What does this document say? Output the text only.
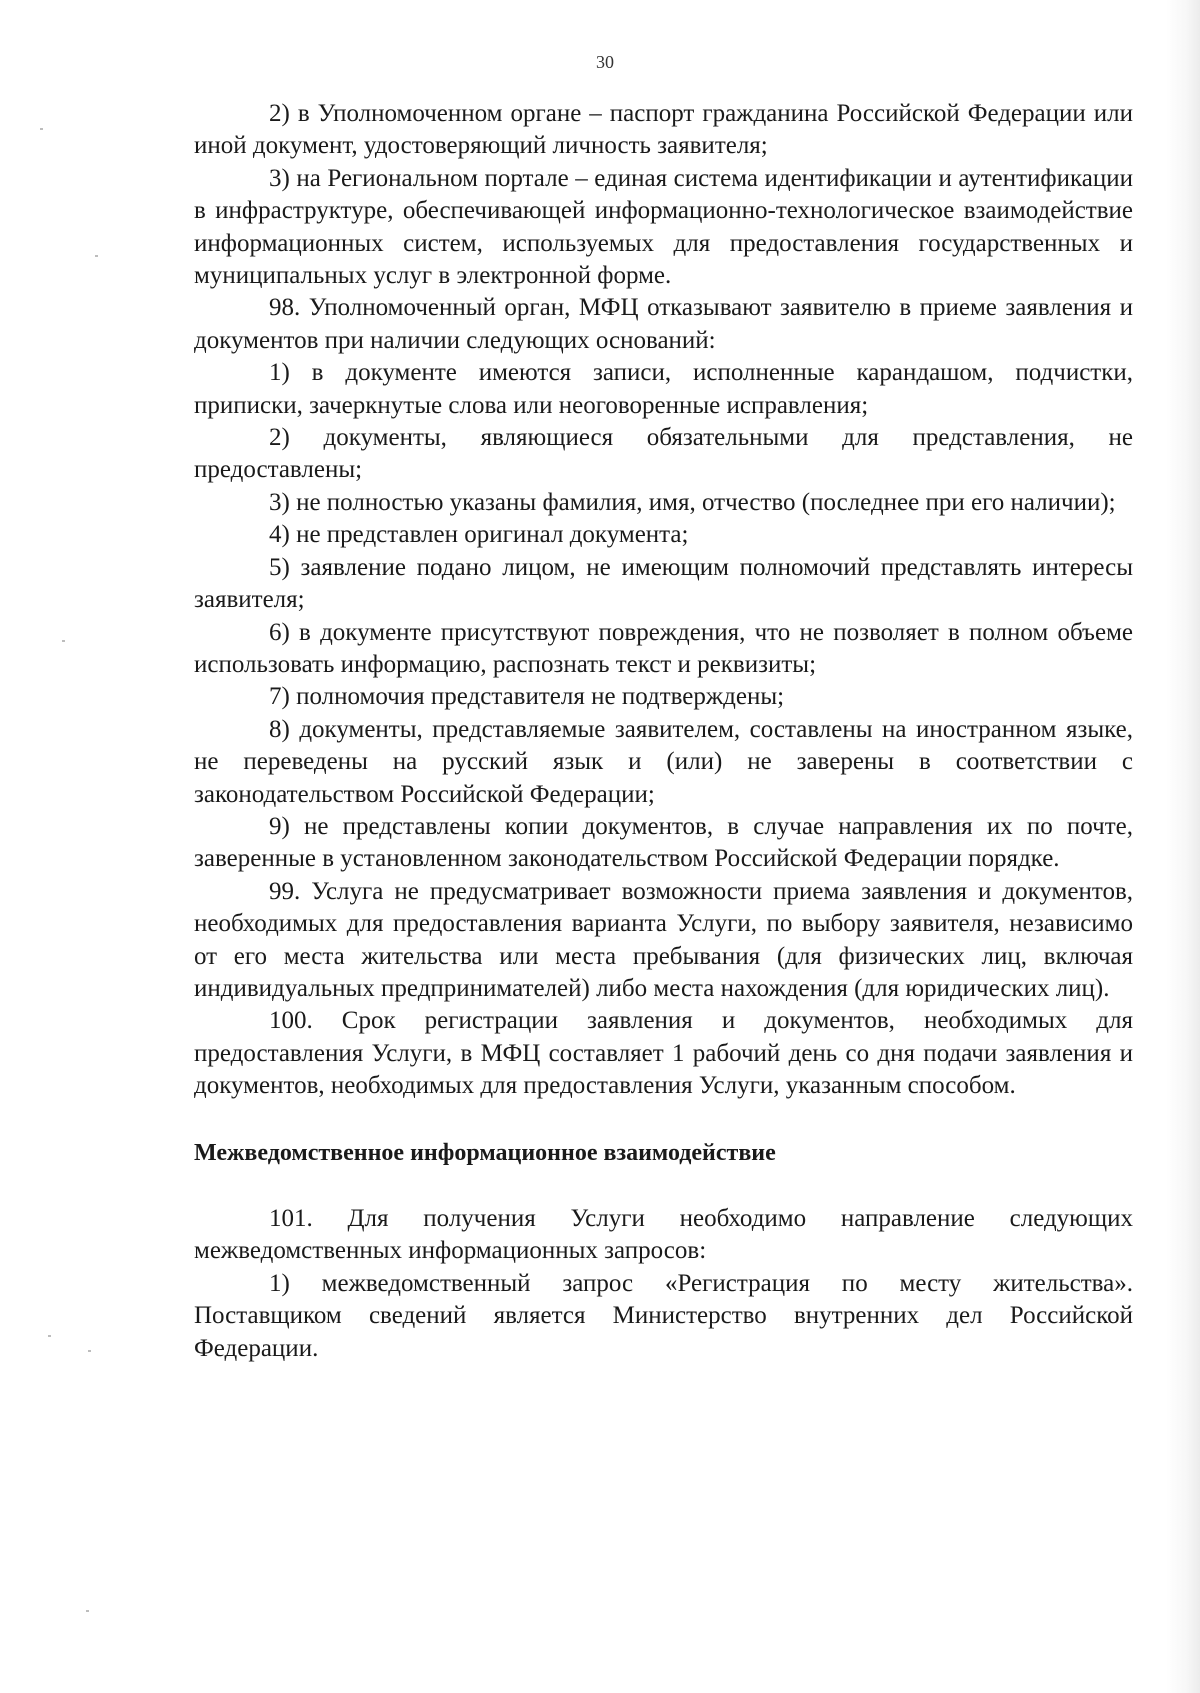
30

2) в Уполномоченном органе – паспорт гражданина Российской Федерации или иной документ, удостоверяющий личность заявителя;

3) на Региональном портале – единая система идентификации и аутентификации в инфраструктуре, обеспечивающей информационно-технологическое взаимодействие информационных систем, используемых для предоставления государственных и муниципальных услуг в электронной форме.

98. Уполномоченный орган, МФЦ отказывают заявителю в приеме заявления и документов при наличии следующих оснований:

1) в документе имеются записи, исполненные карандашом, подчистки, приписки, зачеркнутые слова или неоговоренные исправления;

2) документы, являющиеся обязательными для представления, не предоставлены;

3) не полностью указаны фамилия, имя, отчество (последнее при его наличии);

4) не представлен оригинал документа;

5) заявление подано лицом, не имеющим полномочий представлять интересы заявителя;

6) в документе присутствуют повреждения, что не позволяет в полном объеме использовать информацию, распознать текст и реквизиты;

7) полномочия представителя не подтверждены;

8) документы, представляемые заявителем, составлены на иностранном языке, не переведены на русский язык и (или) не заверены в соответствии с законодательством Российской Федерации;

9) не представлены копии документов, в случае направления их по почте, заверенные в установленном законодательством Российской Федерации порядке.

99. Услуга не предусматривает возможности приема заявления и документов, необходимых для предоставления варианта Услуги, по выбору заявителя, независимо от его места жительства или места пребывания (для физических лиц, включая индивидуальных предпринимателей) либо места нахождения (для юридических лиц).

100. Срок регистрации заявления и документов, необходимых для предоставления Услуги, в МФЦ составляет 1 рабочий день со дня подачи заявления и документов, необходимых для предоставления Услуги, указанным способом.

Межведомственное информационное взаимодействие

101. Для получения Услуги необходимо направление следующих межведомственных информационных запросов:

1) межведомственный запрос «Регистрация по месту жительства». Поставщиком сведений является Министерство внутренних дел Российской Федерации.
